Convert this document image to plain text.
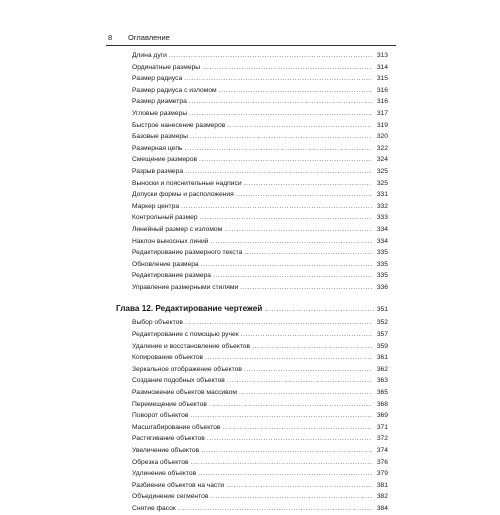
8 Оглавление
Длина дуги .....	313
Ординатные размеры .....	314
Размер радиуса .....	315
Размер радиуса с изломом .....	316
Размер диаметра .....	316
Угловые размеры .....	317
Быстрое нанесение размеров .....	319
Базовые размеры .....	320
Размерная цепь .....	322
Смещение размеров .....	324
Разрыв размера .....	325
Выноски и пояснительные надписи .....	325
Допуски формы и расположения .....	331
Маркер центра .....	332
Контрольный размер .....	333
Линейный размер с изломом .....	334
Наклон выносных линий .....	334
Редактирование размерного текста .....	335
Обновление размера .....	335
Редактирование размера .....	335
Управление размерными стилями .....	336
Глава 12. Редактирование чертежей .....	351
Выбор объектов .....	352
Редактирование с помощью ручек .....	357
Удаление и восстановление объектов .....	359
Копирование объектов .....	361
Зеркальное отображение объектов .....	362
Создание подобных объектов .....	363
Размножение объектов массивом .....	365
Перемещение объектов .....	368
Поворот объектов .....	369
Масштабирование объектов .....	371
Растягивание объектов .....	372
Увеличение объектов .....	374
Обрезка объектов .....	376
Удлинение объектов .....	379
Разбиение объектов на части .....	381
Объединение сегментов .....	382
Снятие фасок .....	384
